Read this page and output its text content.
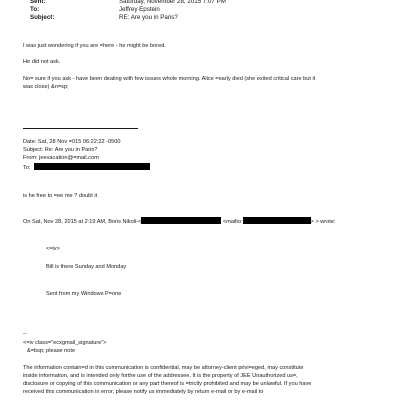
Sent:	Saturday, November 28, 2015 7:07 PM
To:	Jeffrey Epstein
Subject:	RE: Are you in Paris?
I was just wondering if you are =here - he might be bored.
He did not ask.
No= sure if you ask - have been dealing with few issues whole morning. Alice =early died (she exited critical care but it
was close) &n=sp;
Date: Sat, 28 Nov =015 06:22:22 -0500
Subject: Re: Are you in Paris?
From: jeevacation@=mail.com
To:
is he free to =ee me ? doubt it
On Sat, Nov 28, 2015 at 2:19 AM, Boris Nikoli‐<	<mailto:	> > wrote:
<=iv>
Bill is there Sunday and Monday
Sent from my Windows P=one
--
<=iv class="ecxgmail_signature">
&=bsp; please note
The information contain=d in this communication is confidential, may be attorney-client privi=eged, may constitute
inside information, and is intended only forthe use of the addressee. It is the property of JEE Unauthorized us=,
disclosure or copying of this communication or any part thereof is =trictly prohibited and may be unlawful. If you have
received this communication in error, please notify us immediately by return e-mail or by e-mail to
